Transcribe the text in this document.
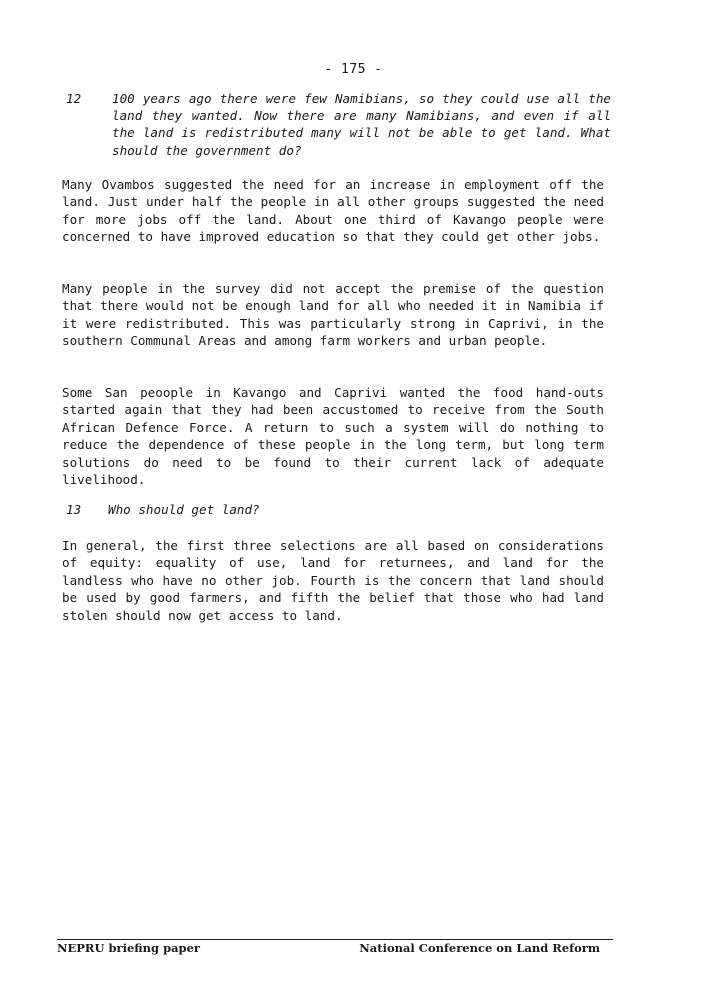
- 175 -
12 100 years ago there were few Namibians, so they could use all the land they wanted. Now there are many Namibians, and even if all the land is redistributed many will not be able to get land. What should the government do?

Many Ovambos suggested the need for an increase in employment off the land. Just under half the people in all other groups suggested the need for more jobs off the land. About one third of Kavango people were concerned to have improved education so that they could get other jobs.

Many people in the survey did not accept the premise of the question that there would not be enough land for all who needed it in Namibia if it were redistributed. This was particularly strong in Caprivi, in the southern Communal Areas and among farm workers and urban people.

Some San peoople in Kavango and Caprivi wanted the food hand-outs started again that they had been accustomed to receive from the South African Defence Force. A return to such a system will do nothing to reduce the dependence of these people in the long term, but long term solutions do need to be found to their current lack of adequate livelihood.

13 Who should get land?

In general, the first three selections are all based on considerations of equity: equality of use, land for returnees, and land for the landless who have no other job. Fourth is the concern that land should be used by good farmers, and fifth the belief that those who had land stolen should now get access to land.

NEPRU briefing paper	National Conference on Land Reform
